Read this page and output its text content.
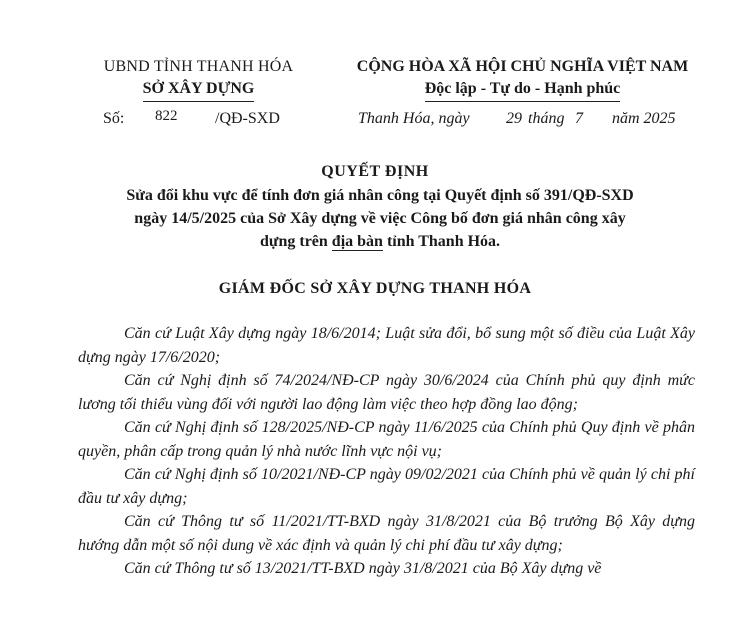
UBND TỈNH THANH HÓA
SỞ XÂY DỰNG
CỘNG HÒA XÃ HỘI CHỦ NGHĨA VIỆT NAM
Độc lập - Tự do - Hạnh phúc
Số: 822 /QĐ-SXD	Thanh Hóa, ngày 29 tháng 7 năm 2025
QUYẾT ĐỊNH
Sửa đổi khu vực để tính đơn giá nhân công tại Quyết định số 391/QĐ-SXD
ngày 14/5/2025 của Sở Xây dựng về việc Công bố đơn giá nhân công xây
dựng trên địa bàn tỉnh Thanh Hóa.
GIÁM ĐỐC SỞ XÂY DỰNG THANH HÓA

Căn cứ Luật Xây dựng ngày 18/6/2014; Luật sửa đổi, bổ sung một số điều của Luật Xây dựng ngày 17/6/2020;

Căn cứ Nghị định số 74/2024/NĐ-CP ngày 30/6/2024 của Chính phủ quy định mức lương tối thiểu vùng đối với người lao động làm việc theo hợp đồng lao động;

Căn cứ Nghị định số 128/2025/NĐ-CP ngày 11/6/2025 của Chính phủ Quy định về phân quyền, phân cấp trong quản lý nhà nước lĩnh vực nội vụ;

Căn cứ Nghị định số 10/2021/NĐ-CP ngày 09/02/2021 của Chính phủ về quản lý chi phí đầu tư xây dựng;

Căn cứ Thông tư số 11/2021/TT-BXD ngày 31/8/2021 của Bộ trưởng Bộ Xây dựng hướng dẫn một số nội dung về xác định và quản lý chi phí đầu tư xây dựng;

Căn cứ Thông tư số 13/2021/TT-BXD ngày 31/8/2021 của Bộ Xây dựng về
